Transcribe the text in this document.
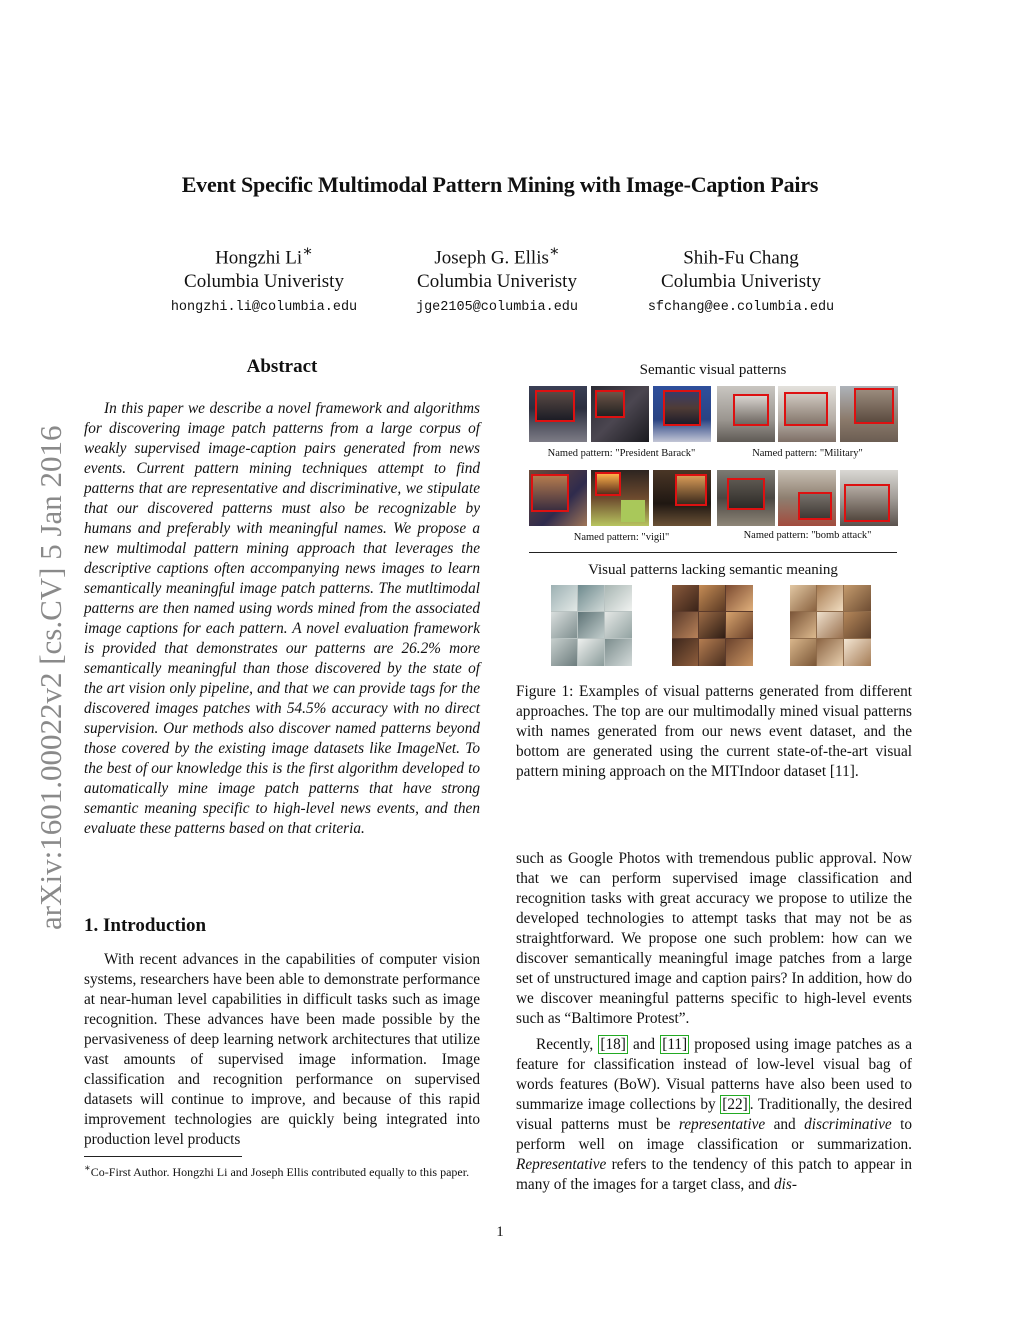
Event Specific Multimodal Pattern Mining with Image-Caption Pairs
Hongzhi Li∗
Columbia Univeristy
hongzhi.li@columbia.edu
Joseph G. Ellis∗
Columbia Univeristy
jge2105@columbia.edu
Shih-Fu Chang
Columbia Univeristy
sfchang@ee.columbia.edu
arXiv:1601.00022v2 [cs.CV] 5 Jan 2016
Abstract
In this paper we describe a novel framework and algorithms for discovering image patch patterns from a large corpus of weakly supervised image-caption pairs generated from news events. Current pattern mining techniques attempt to find patterns that are representative and discriminative, we stipulate that our discovered patterns must also be recognizable by humans and preferably with meaningful names. We propose a new multimodal pattern mining approach that leverages the descriptive captions often accompanying news images to learn semantically meaningful image patch patterns. The mutltimodal patterns are then named using words mined from the associated image captions for each pattern. A novel evaluation framework is provided that demonstrates our patterns are 26.2% more semantically meaningful than those discovered by the state of the art vision only pipeline, and that we can provide tags for the discovered images patches with 54.5% accuracy with no direct supervision. Our methods also discover named patterns beyond those covered by the existing image datasets like ImageNet. To the best of our knowledge this is the first algorithm developed to automatically mine image patch patterns that have strong semantic meaning specific to high-level news events, and then evaluate these patterns based on that criteria.
1. Introduction
With recent advances in the capabilities of computer vision systems, researchers have been able to demonstrate performance at near-human level capabilities in difficult tasks such as image recognition. These advances have been made possible by the pervasiveness of deep learning network architectures that utilize vast amounts of supervised image information. Image classification and recognition performance on supervised datasets will continue to improve, and because of this rapid improvement technologies are quickly being integrated into production level products
∗Co-First Author. Hongzhi Li and Joseph Ellis contributed equally to this paper.
Semantic visual patterns
Named pattern: "President Barack"	Named pattern: "Military"
Named pattern: "vigil"	Named pattern: "bomb attack"
Visual patterns lacking semantic meaning
Figure 1: Examples of visual patterns generated from different approaches. The top are our multimodally mined visual patterns with names generated from our news event dataset, and the bottom are generated using the current state-of-the-art visual pattern mining approach on the MITIndoor dataset [11].

such as Google Photos with tremendous public approval. Now that we can perform supervised image classification and recognition tasks with great accuracy we propose to utilize the developed technologies to attempt tasks that may not be as straightforward. We propose one such problem: how can we discover semantically meaningful image patches from a large set of unstructured image and caption pairs? In addition, how do we discover meaningful patterns specific to high-level events such as “Baltimore Protest”.

Recently, [18] and [11] proposed using image patches as a feature for classification instead of low-level visual bag of words features (BoW). Visual patterns have also been used to summarize image collections by [22] . Traditionally, the desired visual patterns must be representative and discriminative to perform well on image classification or summarization. Representative refers to the tendency of this patch to appear in many of the images for a target class, and dis-

1
